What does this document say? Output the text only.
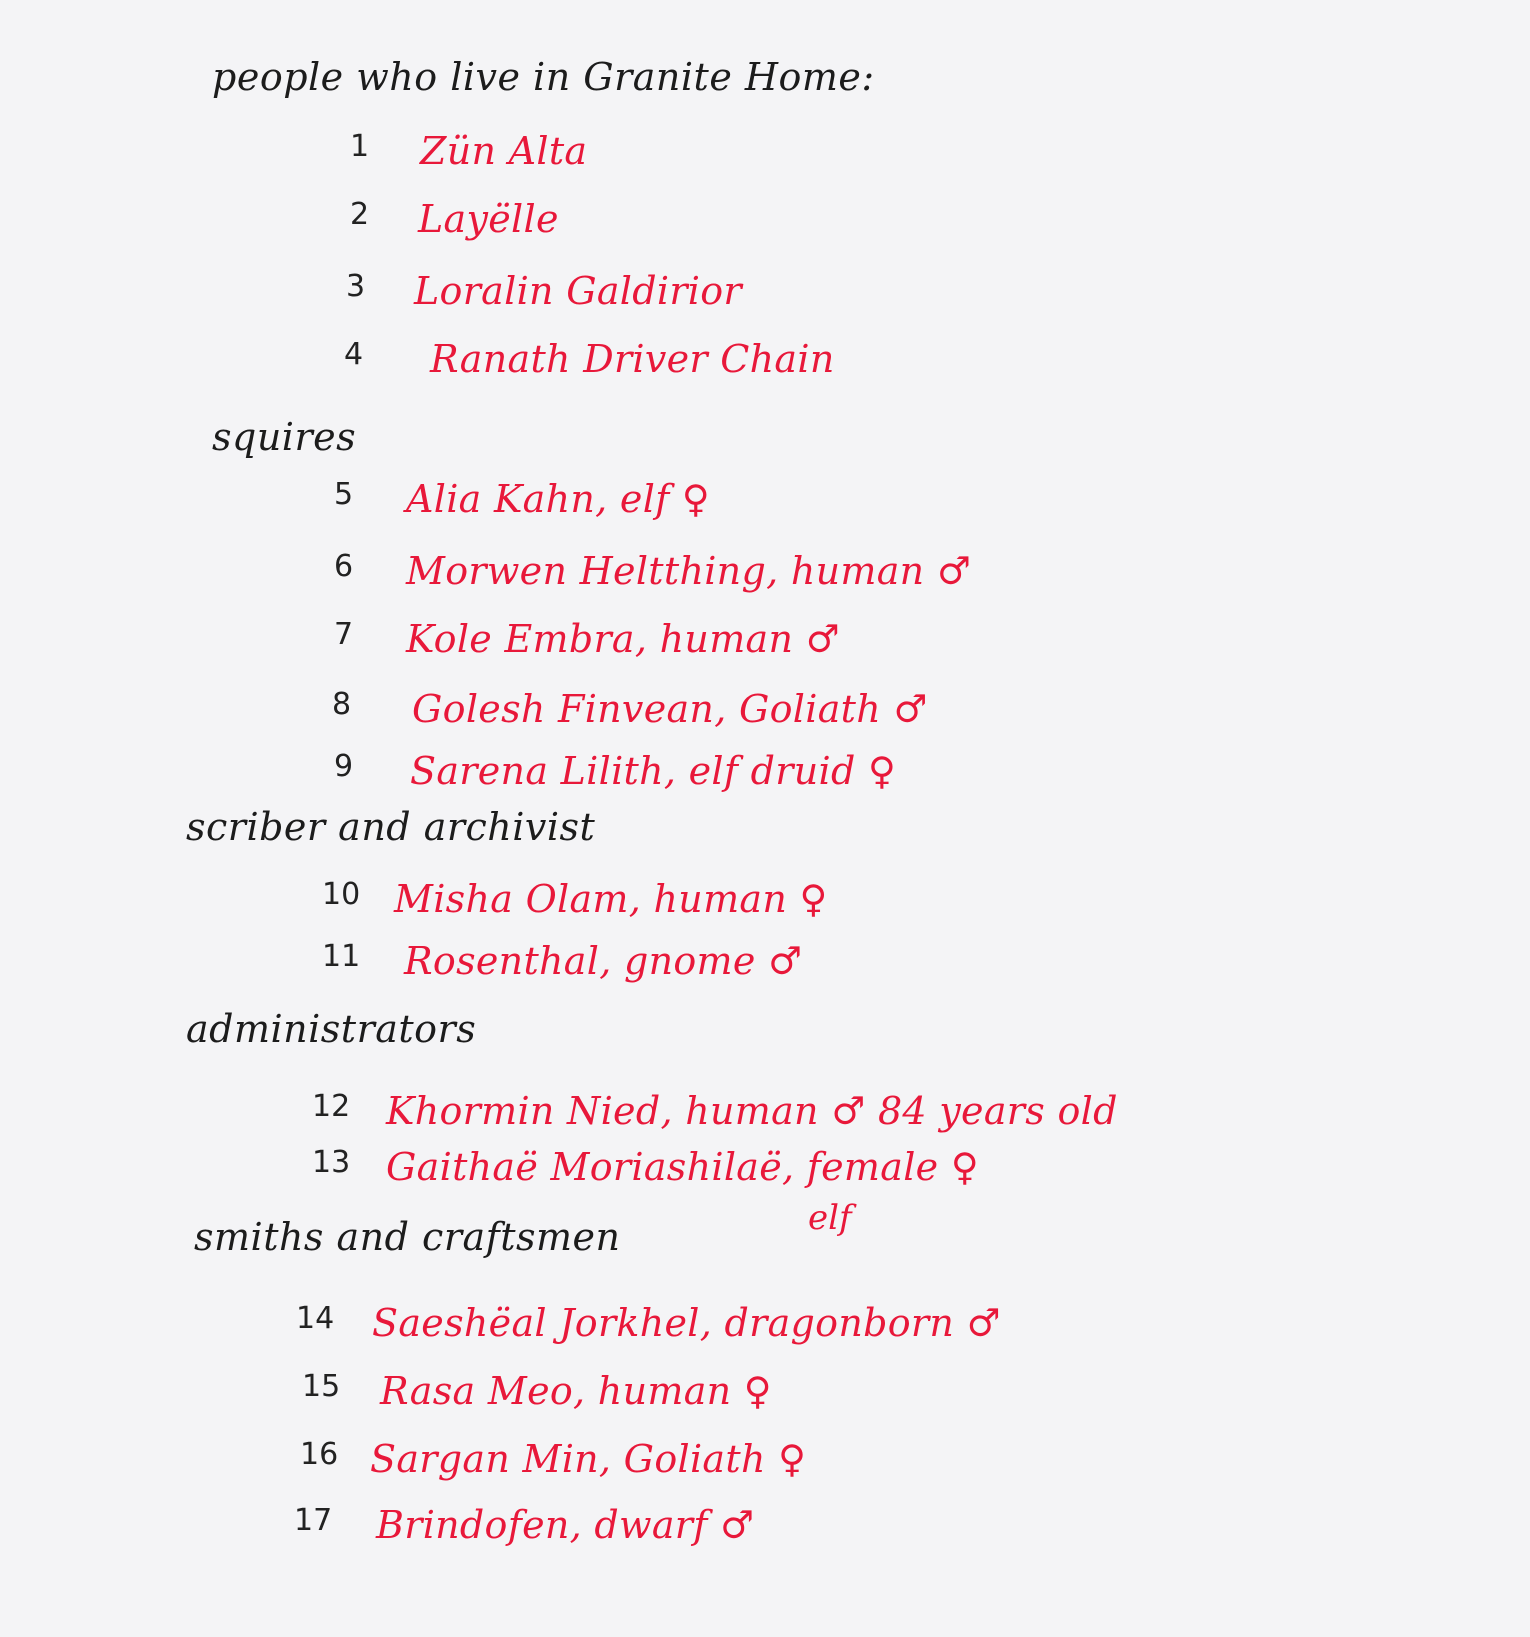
people who live in Granite Home:
1 Zün Alta
2 Layëlle
3 Loralin Galdirior
4 Ranath Driver Chain
squires
5 Alia Kahn, elf ♀
6 Morwen Heltthing, human ♂
7 Kole Embra, human ♂
8 Golesh Finvean, Goliath ♂
9 Sarena Lilith, elf druid ♀
scriber and archivist
10 Misha Olam, human ♀
11 Rosenthal, gnome ♂
administrators
12 Khormin Nied, human ♂ 84 years old
13 Gaithaë Moriashilaë, female ♀
elf
smiths and craftsmen
14 Saeshëal Jorkhel, dragonborn ♂
15 Rasa Meo, human ♀
16 Sargan Min, Goliath ♀
17 Brindofen, dwarf ♂
